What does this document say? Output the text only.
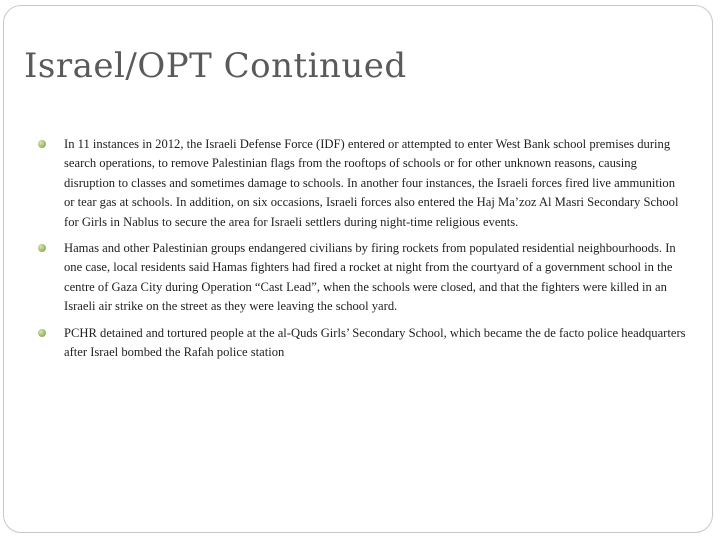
Israel/OPT Continued
In 11 instances in 2012, the Israeli Defense Force (IDF) entered or attempted to enter West Bank school premises during search operations, to remove Palestinian flags from the rooftops of schools or for other unknown reasons, causing disruption to classes and sometimes damage to schools. In another four instances, the Israeli forces fired live ammunition or tear gas at schools. In addition, on six occasions, Israeli forces also entered the Haj Ma’zoz Al Masri Secondary School for Girls in Nablus to secure the area for Israeli settlers during night-time religious events.
Hamas and other Palestinian groups endangered civilians by firing rockets from populated residential neighbourhoods. In one case, local residents said Hamas fighters had fired a rocket at night from the courtyard of a government school in the centre of Gaza City during Operation “Cast Lead”, when the schools were closed, and that the fighters were killed in an Israeli air strike on the street as they were leaving the school yard.
PCHR detained and tortured people at the al-Quds Girls’ Secondary School, which became the de facto police headquarters after Israel bombed the Rafah police station
